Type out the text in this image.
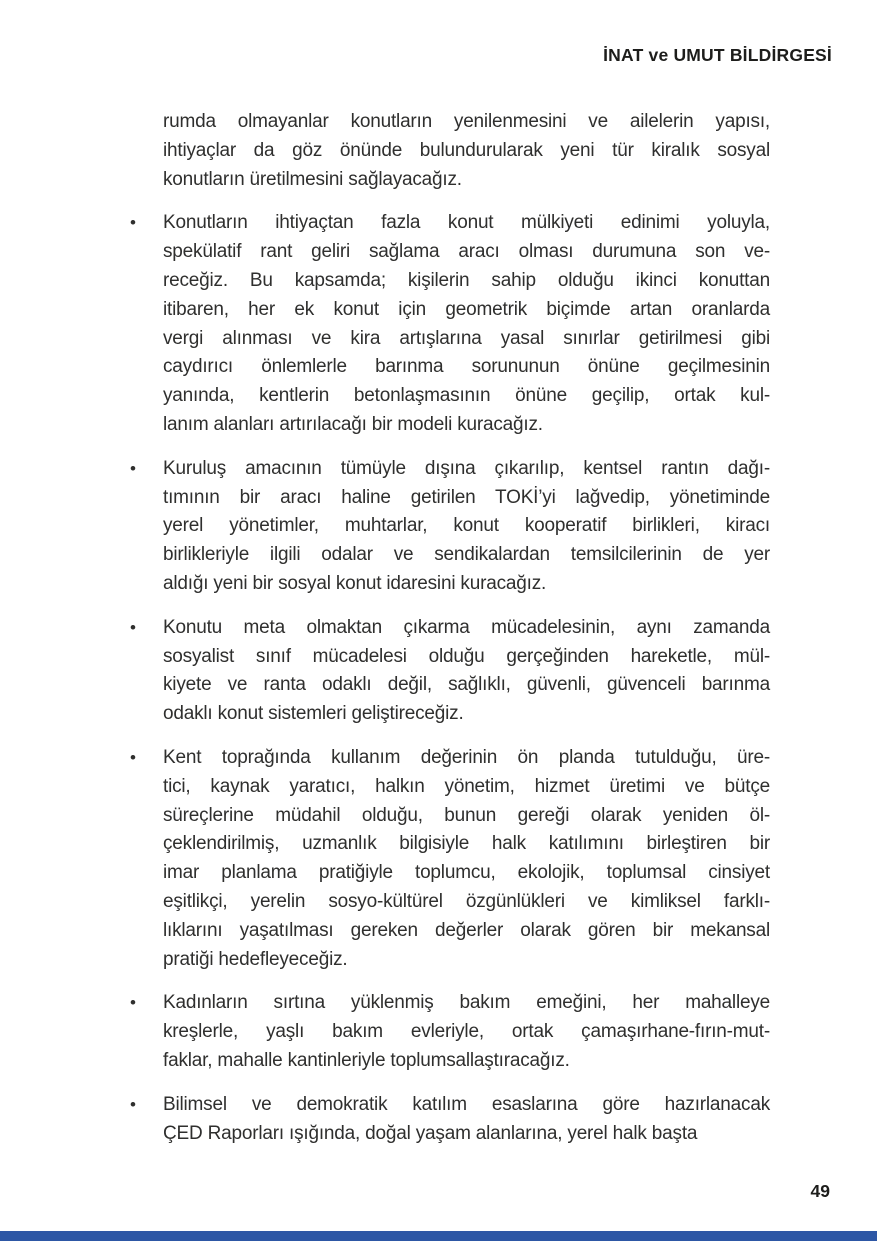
İNAT ve UMUT BİLDİRGESİ
rumda olmayanlar konutların yenilenmesini ve ailelerin yapısı,
ihtiyaçlar da göz önünde bulundurularak yeni tür kiralık sosyal
konutların üretilmesini sağlayacağız.
• Konutların ihtiyaçtan fazla konut mülkiyeti edinimi yoluyla,
spekülatif rant geliri sağlama aracı olması durumuna son ve-
receğiz. Bu kapsamda; kişilerin sahip olduğu ikinci konuttan
itibaren, her ek konut için geometrik biçimde artan oranlarda
vergi alınması ve kira artışlarına yasal sınırlar getirilmesi gibi
caydırıcı önlemlerle barınma sorununun önüne geçilmesinin
yanında, kentlerin betonlaşmasının önüne geçilip, ortak kul-
lanım alanları artırılacağı bir modeli kuracağız.
• Kuruluş amacının tümüyle dışına çıkarılıp, kentsel rantın dağı-
tımının bir aracı haline getirilen TOKİ’yi lağvedip, yönetiminde
yerel yönetimler, muhtarlar, konut kooperatif birlikleri, kiracı
birlikleriyle ilgili odalar ve sendikalardan temsilcilerinin de yer
aldığı yeni bir sosyal konut idaresini kuracağız.
• Konutu meta olmaktan çıkarma mücadelesinin, aynı zamanda
sosyalist sınıf mücadelesi olduğu gerçeğinden hareketle, mül-
kiyete ve ranta odaklı değil, sağlıklı, güvenli, güvenceli barınma
odaklı konut sistemleri geliştireceğiz.
• Kent toprağında kullanım değerinin ön planda tutulduğu, üre-
tici, kaynak yaratıcı, halkın yönetim, hizmet üretimi ve bütçe
süreçlerine müdahil olduğu, bunun gereği olarak yeniden öl-
çeklendirilmiş, uzmanlık bilgisiyle halk katılımını birleştiren bir
imar planlama pratiğiyle toplumcu, ekolojik, toplumsal cinsiyet
eşitlikçi, yerelin sosyo-kültürel özgünlükleri ve kimliksel farklı-
lıklarını yaşatılması gereken değerler olarak gören bir mekansal
pratiği hedefleyeceğiz.
• Kadınların sırtına yüklenmiş bakım emeğini, her mahalleye
kreşlerle, yaşlı bakım evleriyle, ortak çamaşırhane-fırın-mut-
faklar, mahalle kantinleriyle toplumsallaştıracağız.
• Bilimsel ve demokratik katılım esaslarına göre hazırlanacak
ÇED Raporları ışığında, doğal yaşam alanlarına, yerel halk başta
49
